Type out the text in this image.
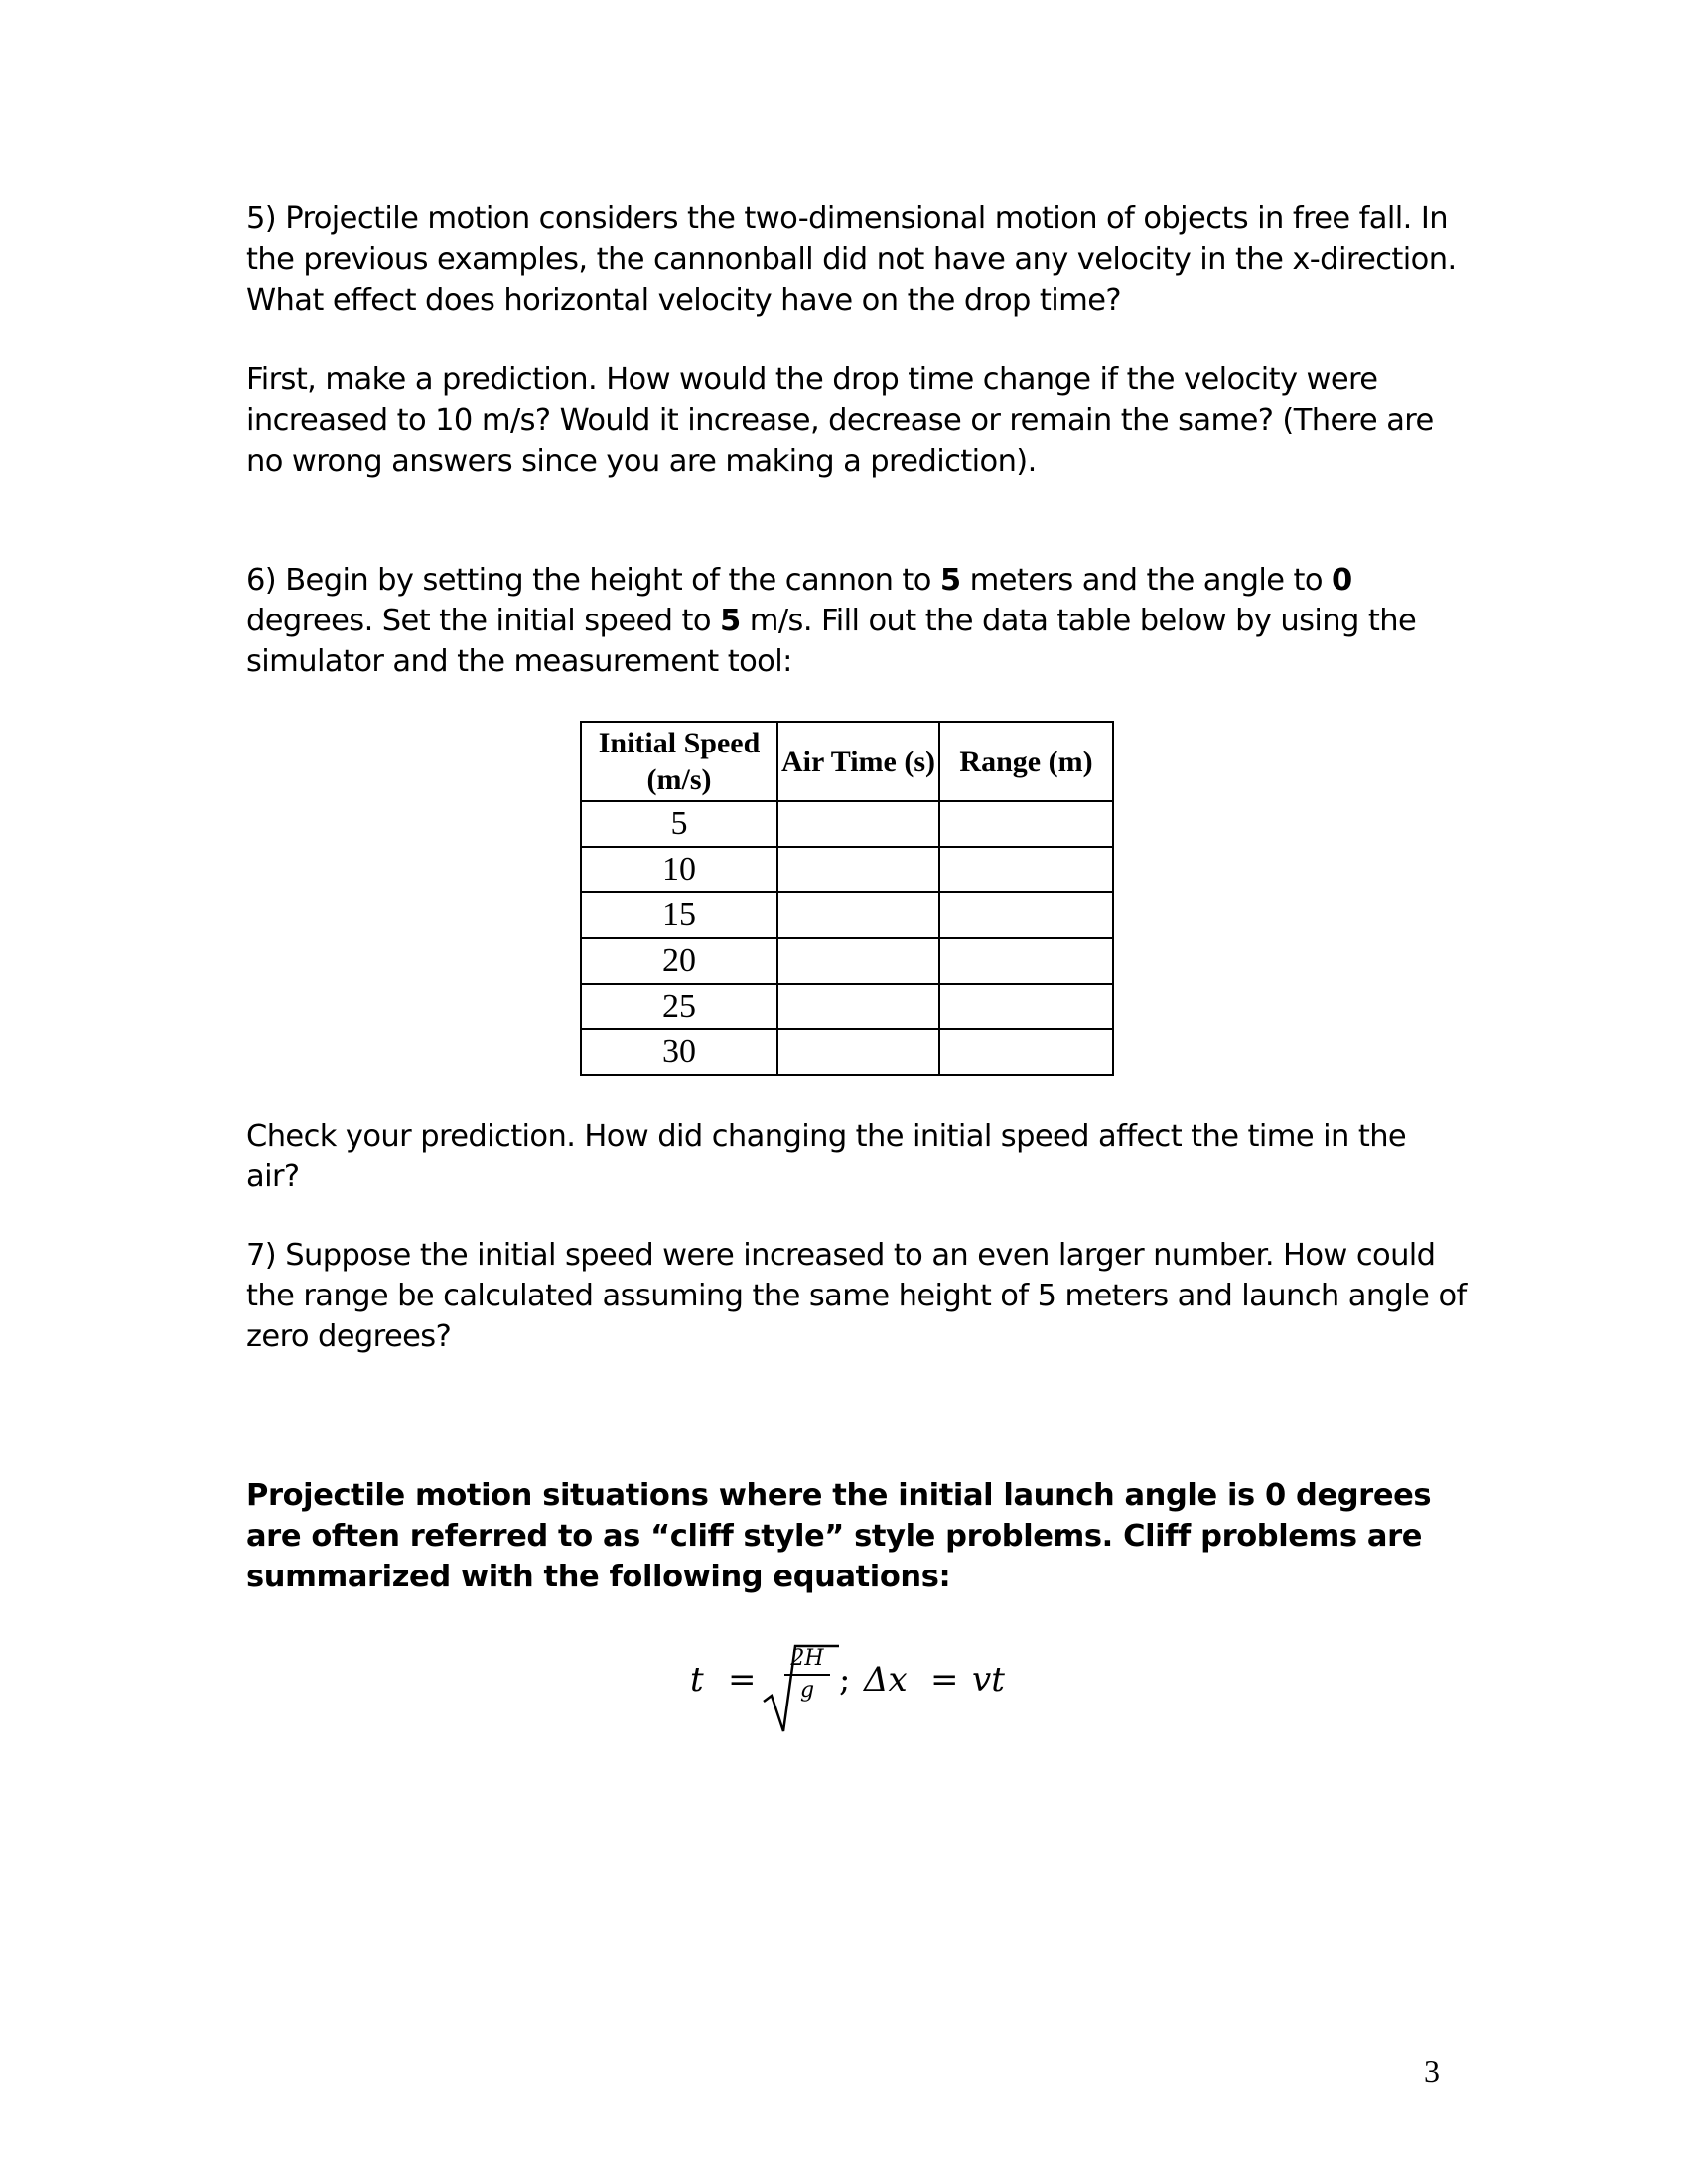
5) Projectile motion considers the two-dimensional motion of objects in free fall. In the previous examples, the cannonball did not have any velocity in the x-direction. What effect does horizontal velocity have on the drop time?

First, make a prediction. How would the drop time change if the velocity were increased to 10 m/s? Would it increase, decrease or remain the same? (There are no wrong answers since you are making a prediction).

6) Begin by setting the height of the cannon to 5 meters and the angle to 0 degrees. Set the initial speed to 5 m/s. Fill out the data table below by using the simulator and the measurement tool:

Initial Speed (m/s)	Air Time (s)	Range (m)
5		
10		
15		
20		
25		
30		

Check your prediction. How did changing the initial speed affect the time in the air?

7) Suppose the initial speed were increased to an even larger number. How could the range be calculated assuming the same height of 5 meters and launch angle of zero degrees?

Projectile motion situations where the initial launch angle is 0 degrees are often referred to as “cliff style” style problems. Cliff problems are summarized with the following equations:

$t = \frac{2H}{g}$ ; Δx = vt
3
